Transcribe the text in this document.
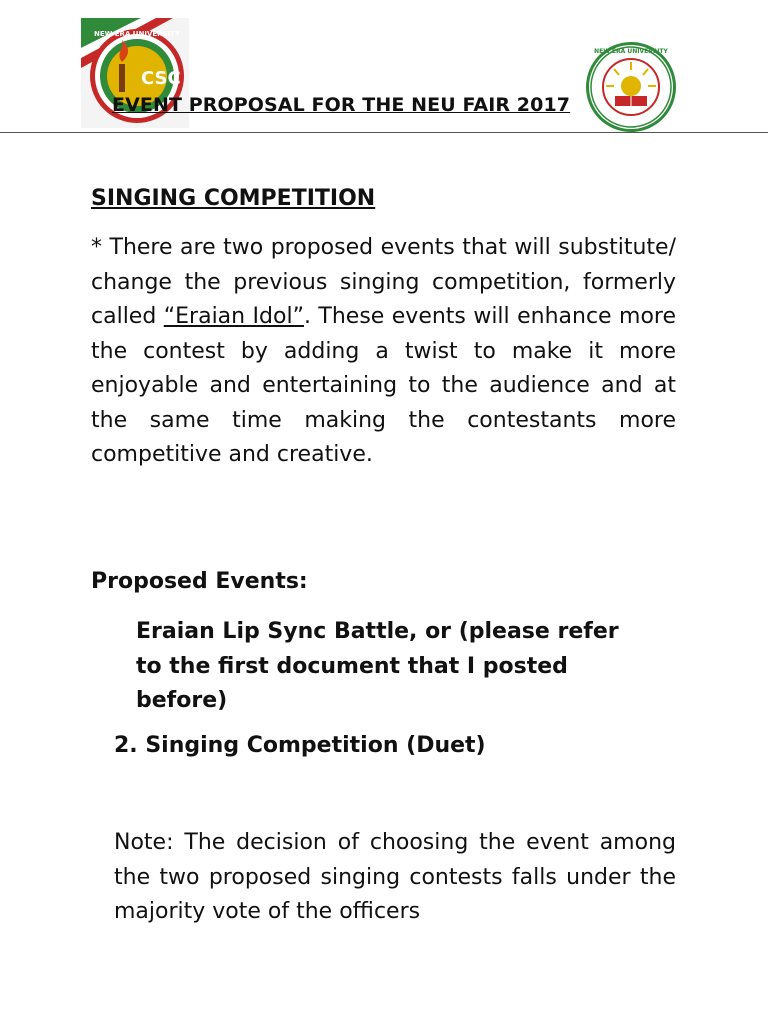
CSC
NEW ERA UNIVERSITY
NEW ERA UNIVERSITY
EVENT PROPOSAL FOR THE NEU FAIR 2017
SINGING COMPETITION

* There are two proposed events that will substitute/ change the previous singing competition, formerly called “Eraian Idol”. These events will enhance more the contest by adding a twist to make it more enjoyable and entertaining to the audience and at the same time making the contestants more competitive and creative.

Proposed Events:

Eraian Lip Sync Battle, or (please refer to the first document that I posted before)

2. Singing Competition (Duet)

Note: The decision of choosing the event among the two proposed singing contests falls under the majority vote of the officers
